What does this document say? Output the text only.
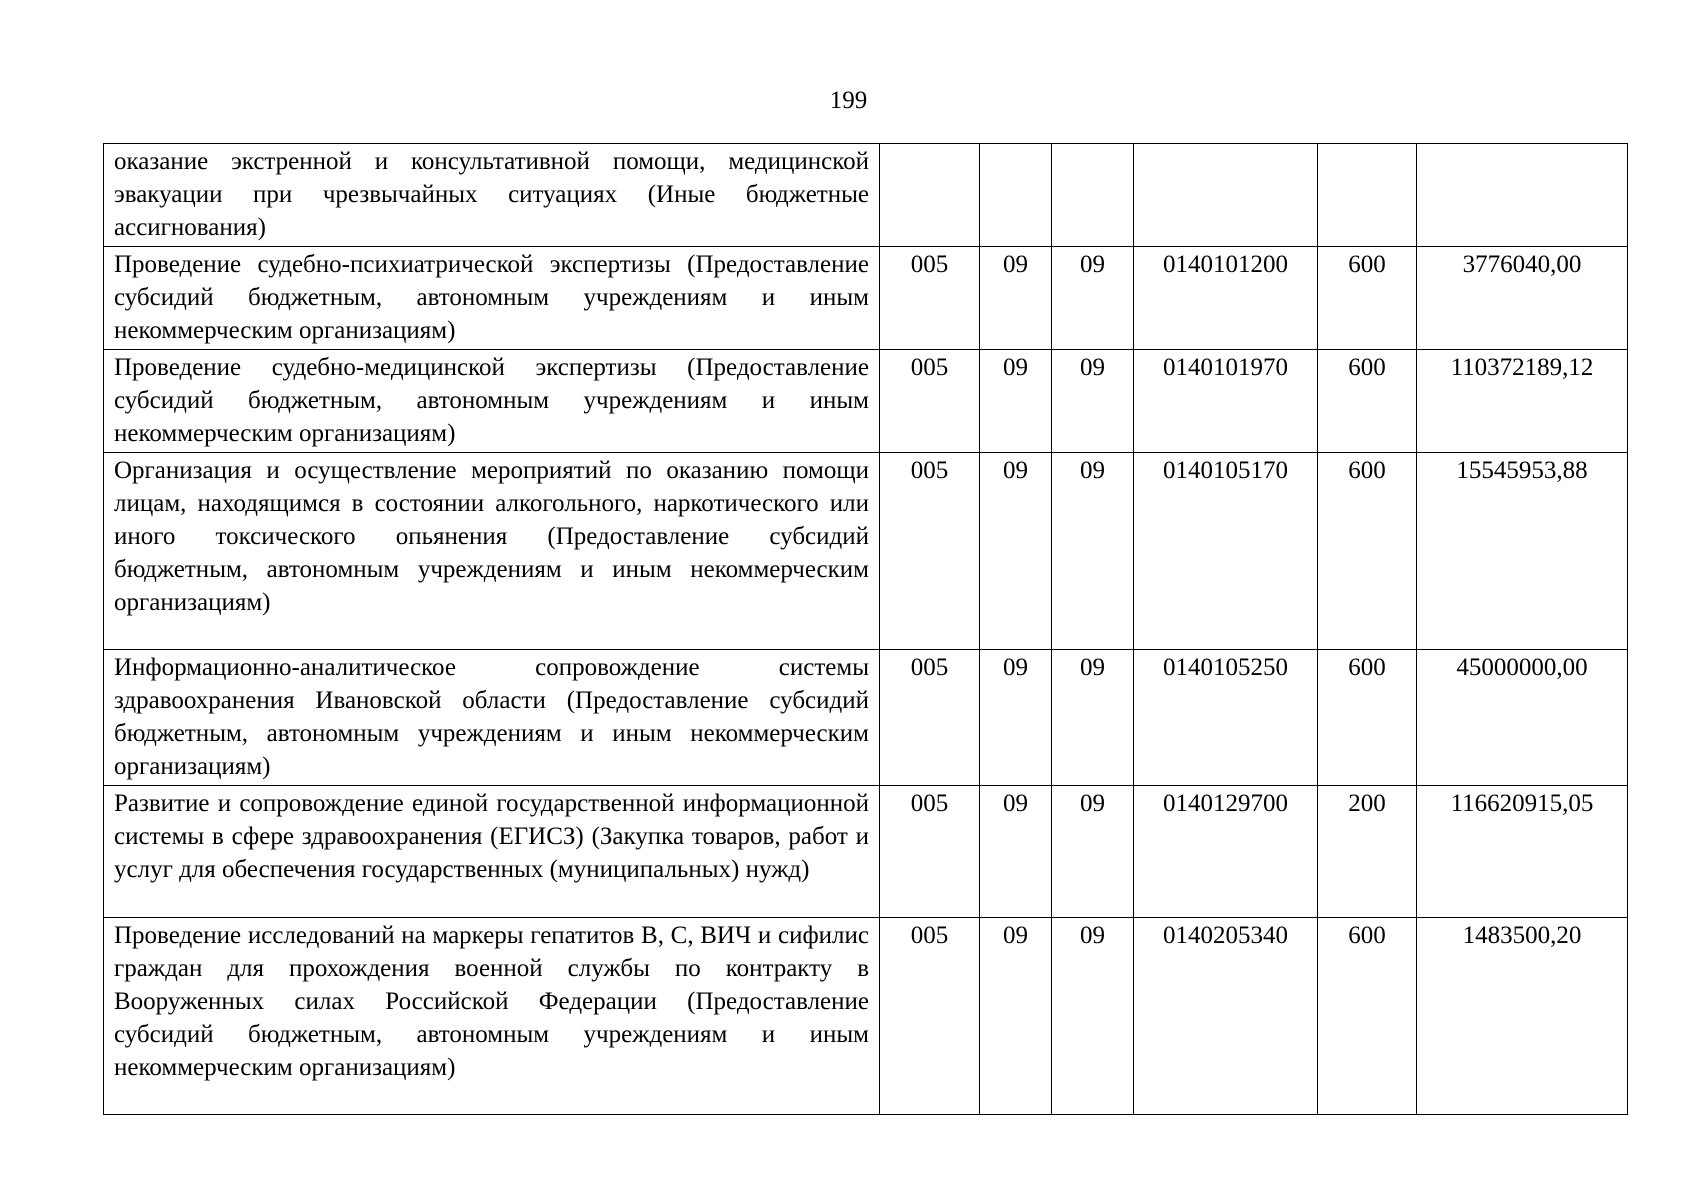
199
оказание экстренной и консультативной помощи, медицинской эвакуации при чрезвычайных ситуациях (Иные бюджетные ассигнования)						
Проведение судебно-психиатрической экспертизы (Предоставление субсидий бюджетным, автономным учреждениям и иным некоммерческим организациям)	005	09	09	0140101200	600	3776040,00
Проведение судебно-медицинской экспертизы (Предоставление субсидий бюджетным, автономным учреждениям и иным некоммерческим организациям)	005	09	09	0140101970	600	110372189,12
Организация и осуществление мероприятий по оказанию помощи лицам, находящимся в состоянии алкогольного, наркотического или иного токсического опьянения (Предоставление субсидий бюджетным, автономным учреждениям и иным некоммерческим организациям)	005	09	09	0140105170	600	15545953,88
Информационно-аналитическое сопровождение системы здравоохранения Ивановской области (Предоставление субсидий бюджетным, автономным учреждениям и иным некоммерческим организациям)	005	09	09	0140105250	600	45000000,00
Развитие и сопровождение единой государственной информационной системы в сфере здравоохранения (ЕГИСЗ) (Закупка товаров, работ и услуг для обеспечения государственных (муниципальных) нужд)	005	09	09	0140129700	200	116620915,05
Проведение исследований на маркеры гепатитов В, С, ВИЧ и сифилис граждан для прохождения военной службы по контракту в Вооруженных силах Российской Федерации (Предоставление субсидий бюджетным, автономным учреждениям и иным некоммерческим организациям)	005	09	09	0140205340	600	1483500,20
